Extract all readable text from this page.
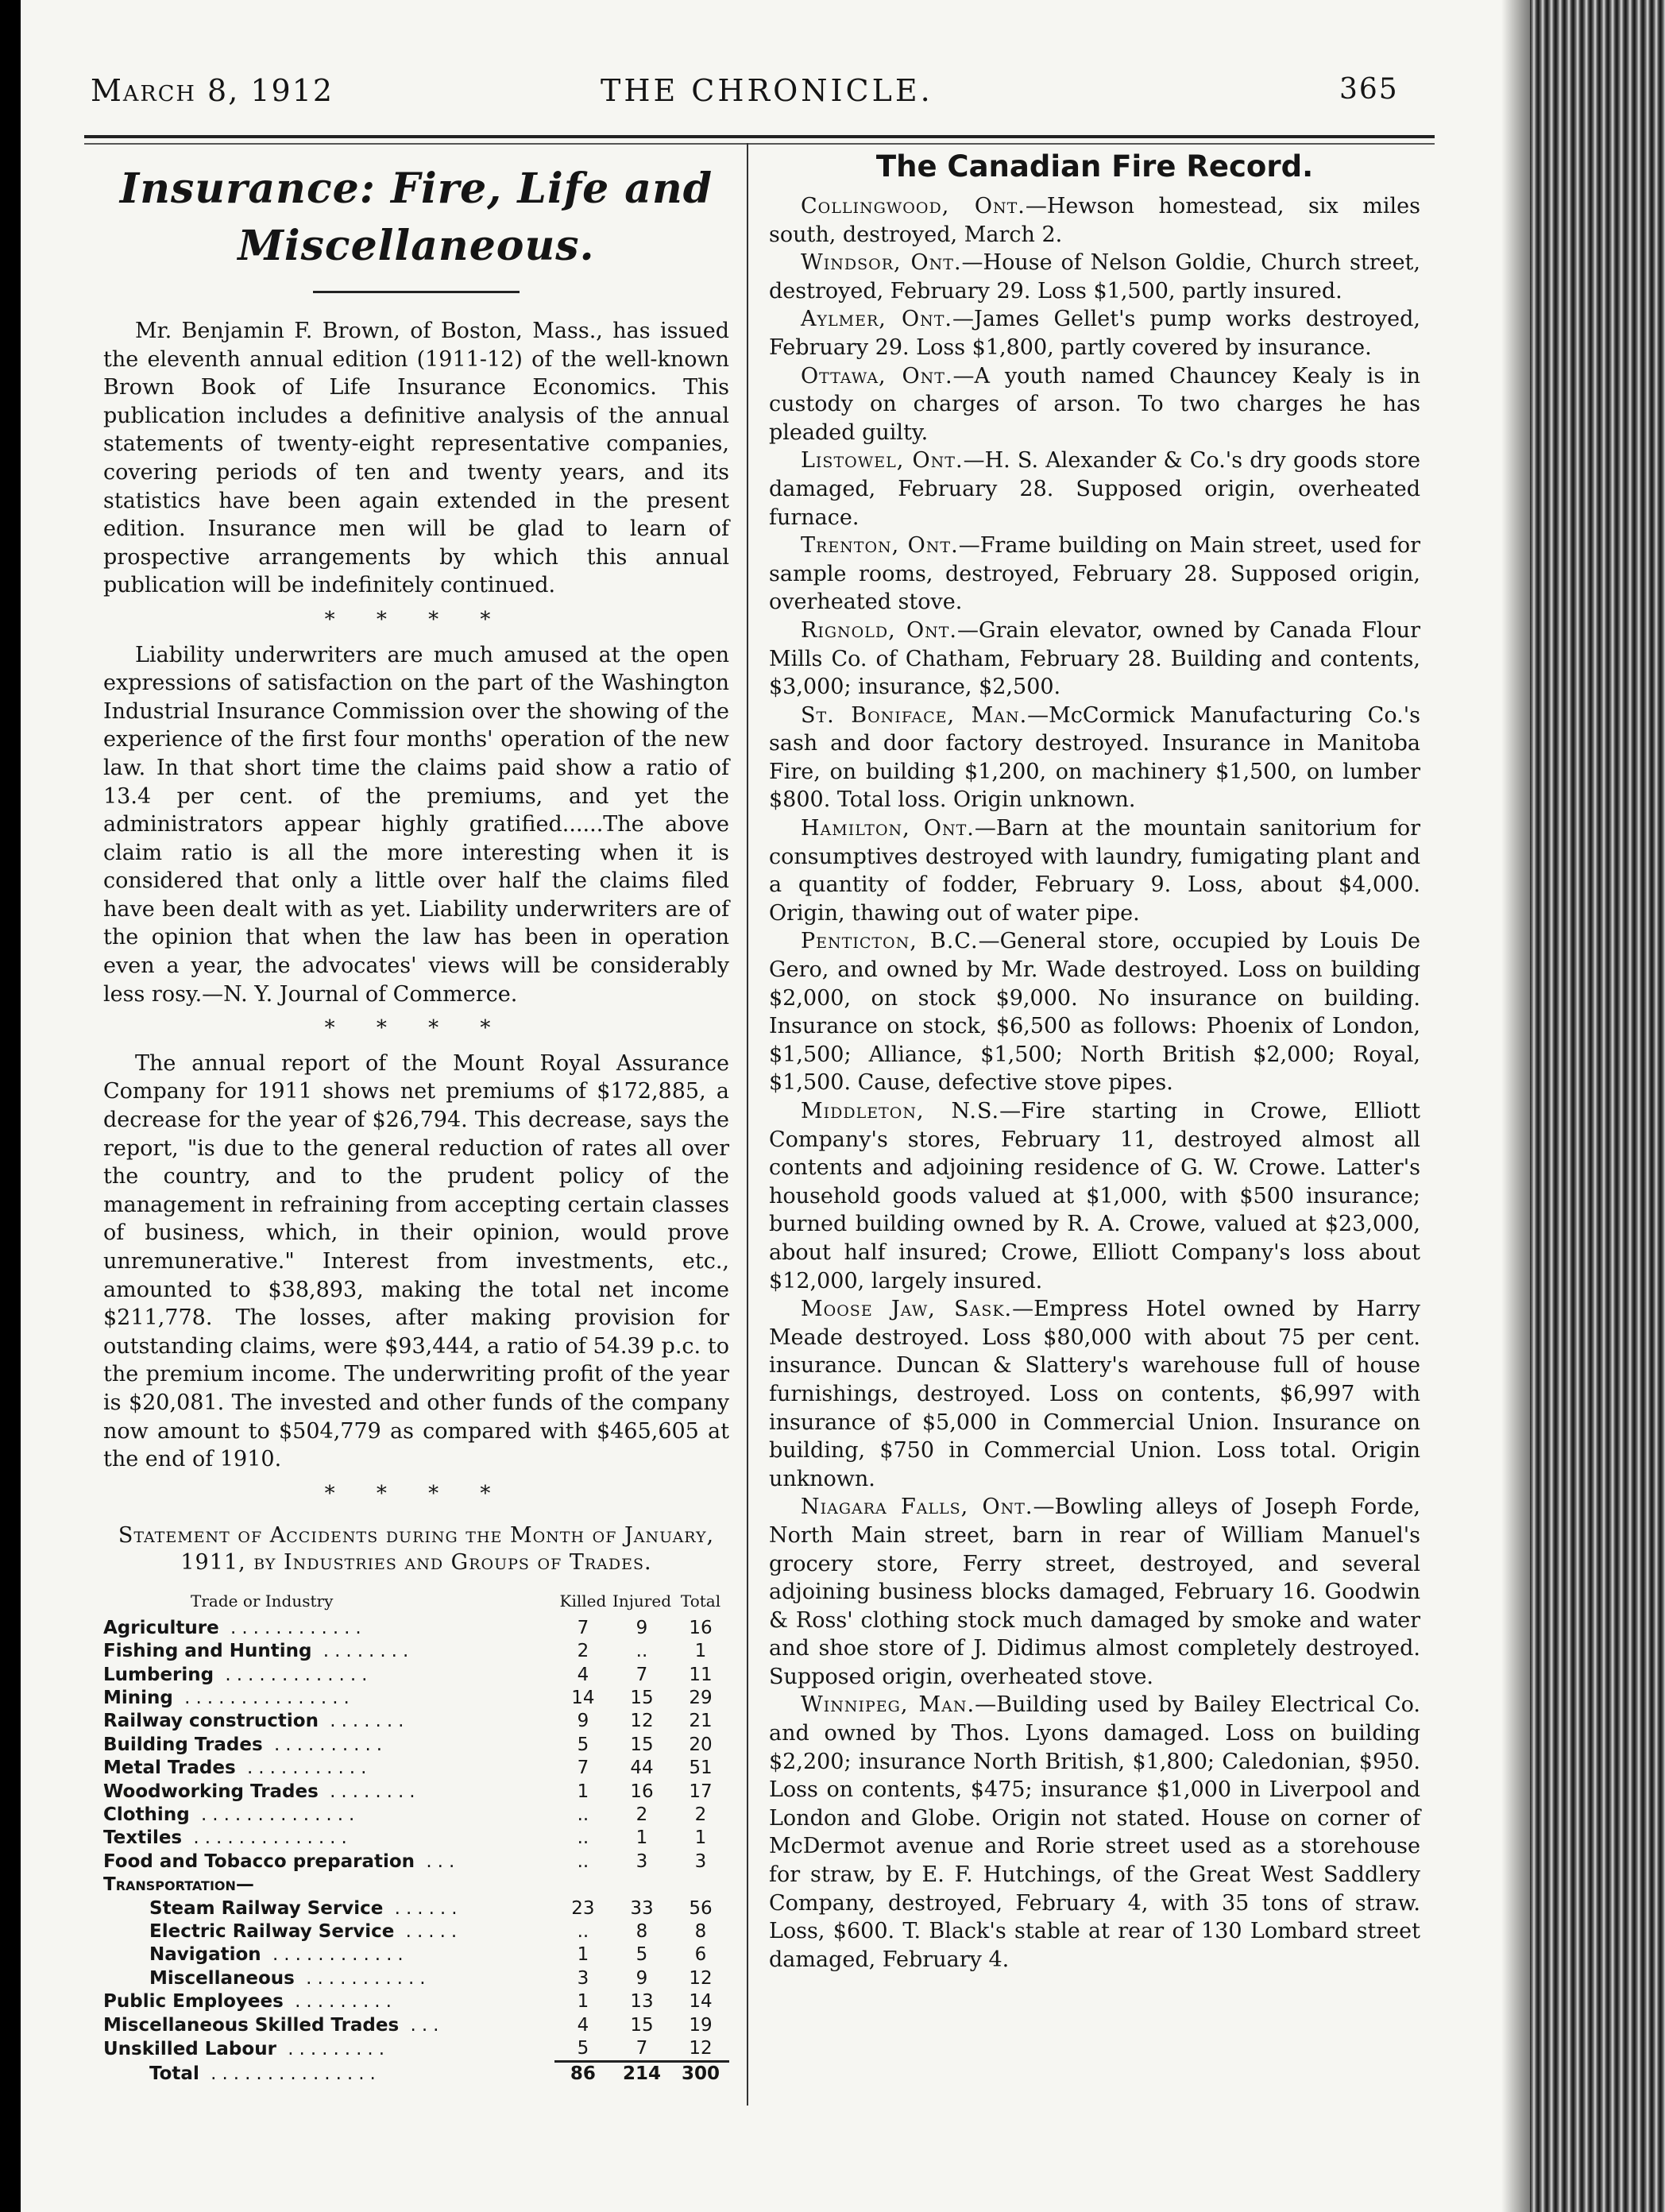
March 8, 1912	THE CHRONICLE.	365
Insurance: Fire, Life and
Miscellaneous.

Mr. Benjamin F. Brown, of Boston, Mass., has issued the eleventh annual edition (1911-12) of the well-known Brown Book of Life Insurance Economics. This publication includes a definitive analysis of the annual statements of twenty-eight representative companies, covering periods of ten and twenty years, and its statistics have been again extended in the present edition. Insurance men will be glad to learn of prospective arrangements by which this annual publication will be indefinitely continued.

* * * *

Liability underwriters are much amused at the open expressions of satisfaction on the part of the Washington Industrial Insurance Commission over the showing of the experience of the first four months' operation of the new law. In that short time the claims paid show a ratio of 13.4 per cent. of the premiums, and yet the administrators appear highly gratified......The above claim ratio is all the more interesting when it is considered that only a little over half the claims filed have been dealt with as yet. Liability underwriters are of the opinion that when the law has been in operation even a year, the advocates' views will be considerably less rosy.—N. Y. Journal of Commerce.

* * * *

The annual report of the Mount Royal Assurance Company for 1911 shows net premiums of $172,885, a decrease for the year of $26,794. This decrease, says the report, "is due to the general reduction of rates all over the country, and to the prudent policy of the management in refraining from accepting certain classes of business, which, in their opinion, would prove unremunerative." Interest from investments, etc., amounted to $38,893, making the total net income $211,778. The losses, after making provision for outstanding claims, were $93,444, a ratio of 54.39 p.c. to the premium income. The underwriting profit of the year is $20,081. The invested and other funds of the company now amount to $504,779 as compared with $465,605 at the end of 1910.

* * * *
Statement of Accidents during the Month of January, 1911, by Industries and Groups of Trades.
Trade or Industry	Killed	Injured	Total
Agriculture ............	7	9	16
Fishing and Hunting ........	2	..	1
Lumbering .............	4	7	11
Mining ...............	14	15	29
Railway construction .......	9	12	21
Building Trades ..........	5	15	20
Metal Trades ...........	7	44	51
Woodworking Trades ........	1	16	17
Clothing ..............	..	2	2
Textiles ..............	..	1	1
Food and Tobacco preparation ...	..	3	3
Transportation—			
Steam Railway Service ......	23	33	56
Electric Railway Service .....	..	8	8
Navigation ............	1	5	6
Miscellaneous ...........	3	9	12
Public Employees .........	1	13	14
Miscellaneous Skilled Trades ...	4	15	19
Unskilled Labour .........	5	7	12
Total ...............	86	214	300
The Canadian Fire Record.

Collingwood, Ont.—Hewson homestead, six miles south, destroyed, March 2.

Windsor, Ont.—House of Nelson Goldie, Church street, destroyed, February 29. Loss $1,500, partly insured.

Aylmer, Ont.—James Gellet's pump works destroyed, February 29. Loss $1,800, partly covered by insurance.

Ottawa, Ont.—A youth named Chauncey Kealy is in custody on charges of arson. To two charges he has pleaded guilty.

Listowel, Ont.—H. S. Alexander & Co.'s dry goods store damaged, February 28. Supposed origin, overheated furnace.

Trenton, Ont.—Frame building on Main street, used for sample rooms, destroyed, February 28. Supposed origin, overheated stove.

Rignold, Ont.—Grain elevator, owned by Canada Flour Mills Co. of Chatham, February 28. Building and contents, $3,000; insurance, $2,500.

St. Boniface, Man.—McCormick Manufacturing Co.'s sash and door factory destroyed. Insurance in Manitoba Fire, on building $1,200, on machinery $1,500, on lumber $800. Total loss. Origin unknown.

Hamilton, Ont.—Barn at the mountain sanitorium for consumptives destroyed with laundry, fumigating plant and a quantity of fodder, February 9. Loss, about $4,000. Origin, thawing out of water pipe.

Penticton, B.C.—General store, occupied by Louis De Gero, and owned by Mr. Wade destroyed. Loss on building $2,000, on stock $9,000. No insurance on building. Insurance on stock, $6,500 as follows: Phoenix of London, $1,500; Alliance, $1,500; North British $2,000; Royal, $1,500. Cause, defective stove pipes.

Middleton, N.S.—Fire starting in Crowe, Elliott Company's stores, February 11, destroyed almost all contents and adjoining residence of G. W. Crowe. Latter's household goods valued at $1,000, with $500 insurance; burned building owned by R. A. Crowe, valued at $23,000, about half insured; Crowe, Elliott Company's loss about $12,000, largely insured.

Moose Jaw, Sask.—Empress Hotel owned by Harry Meade destroyed. Loss $80,000 with about 75 per cent. insurance. Duncan & Slattery's warehouse full of house furnishings, destroyed. Loss on contents, $6,997 with insurance of $5,000 in Commercial Union. Insurance on building, $750 in Commercial Union. Loss total. Origin unknown.

Niagara Falls, Ont.—Bowling alleys of Joseph Forde, North Main street, barn in rear of William Manuel's grocery store, Ferry street, destroyed, and several adjoining business blocks damaged, February 16. Goodwin & Ross' clothing stock much damaged by smoke and water and shoe store of J. Didimus almost completely destroyed. Supposed origin, overheated stove.

Winnipeg, Man.—Building used by Bailey Electrical Co. and owned by Thos. Lyons damaged. Loss on building $2,200; insurance North British, $1,800; Caledonian, $950. Loss on contents, $475; insurance $1,000 in Liverpool and London and Globe. Origin not stated. House on corner of McDermot avenue and Rorie street used as a storehouse for straw, by E. F. Hutchings, of the Great West Saddlery Company, destroyed, February 4, with 35 tons of straw. Loss, $600. T. Black's stable at rear of 130 Lombard street damaged, February 4.
